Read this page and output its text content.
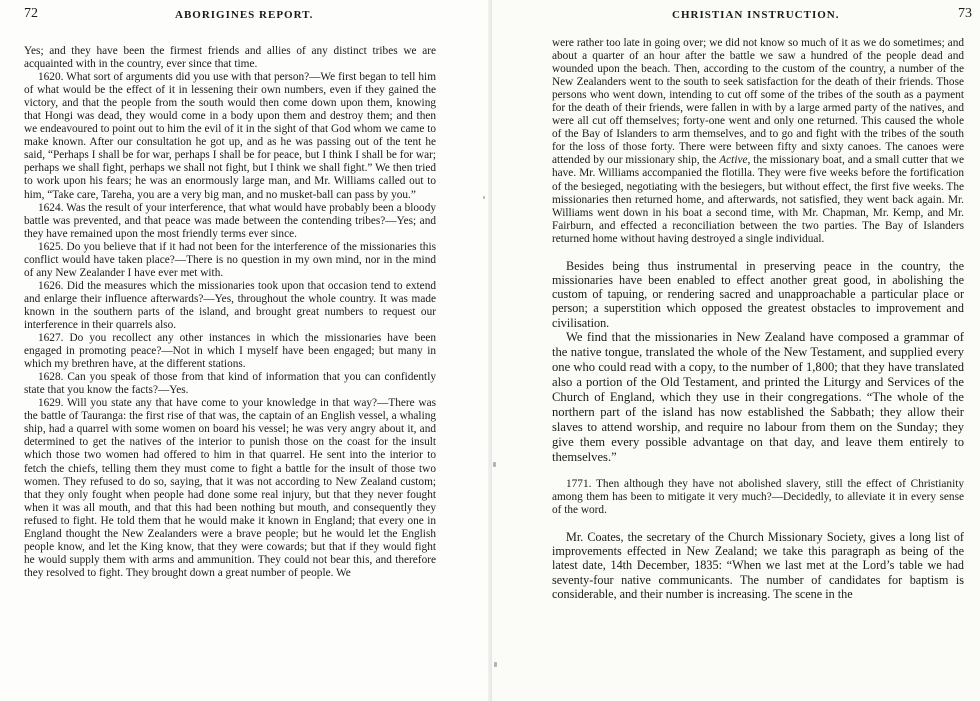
72	ABORIGINES REPORT.

Yes; and they have been the firmest friends and allies of any distinct tribes we are acquainted with in the country, ever since that time.

1620. What sort of arguments did you use with that person?—We first began to tell him of what would be the effect of it in lessening their own numbers, even if they gained the victory, and that the people from the south would then come down upon them, knowing that Hongi was dead, they would come in a body upon them and destroy them; and then we endeavoured to point out to him the evil of it in the sight of that God whom we came to make known. After our consultation he got up, and as he was passing out of the tent he said, “Perhaps I shall be for war, perhaps I shall be for peace, but I think I shall be for war; perhaps we shall fight, perhaps we shall not fight, but I think we shall fight.” We then tried to work upon his fears; he was an enormously large man, and Mr. Williams called out to him, “Take care, Tareha, you are a very big man, and no musket-ball can pass by you.”

1624. Was the result of your interference, that what would have probably been a bloody battle was prevented, and that peace was made between the contending tribes?—Yes; and they have remained upon the most friendly terms ever since.

1625. Do you believe that if it had not been for the interference of the missionaries this conflict would have taken place?—There is no question in my own mind, nor in the mind of any New Zealander I have ever met with.

1626. Did the measures which the missionaries took upon that occasion tend to extend and enlarge their influence afterwards?—Yes, throughout the whole country. It was made known in the southern parts of the island, and brought great numbers to request our interference in their quarrels also.

1627. Do you recollect any other instances in which the missionaries have been engaged in promoting peace?—Not in which I myself have been engaged; but many in which my brethren have, at the different stations.

1628. Can you speak of those from that kind of information that you can confidently state that you know the facts?—Yes.

1629. Will you state any that have come to your knowledge in that way?—There was the battle of Tauranga: the first rise of that was, the captain of an English vessel, a whaling ship, had a quarrel with some women on board his vessel; he was very angry about it, and determined to get the natives of the interior to punish those on the coast for the insult which those two women had offered to him in that quarrel. He sent into the interior to fetch the chiefs, telling them they must come to fight a battle for the insult of those two women. They refused to do so, saying, that it was not according to New Zealand custom; that they only fought when people had done some real injury, but that they never fought when it was all mouth, and that this had been nothing but mouth, and consequently they refused to fight. He told them that he would make it known in England; that every one in England thought the New Zealanders were a brave people; but he would let the English people know, and let the King know, that they were cowards; but that if they would fight he would supply them with arms and ammunition. They could not bear this, and therefore they resolved to fight. They brought down a great number of people. We

CHRISTIAN INSTRUCTION.	73

were rather too late in going over; we did not know so much of it as we do sometimes; and about a quarter of an hour after the battle we saw a hundred of the people dead and wounded upon the beach. Then, according to the custom of the country, a number of the New Zealanders went to the south to seek satisfaction for the death of their friends. Those persons who went down, intending to cut off some of the tribes of the south as a payment for the death of their friends, were fallen in with by a large armed party of the natives, and were all cut off themselves; forty-one went and only one returned. This caused the whole of the Bay of Islanders to arm themselves, and to go and fight with the tribes of the south for the loss of those forty. There were between fifty and sixty canoes. The canoes were attended by our missionary ship, the Active, the missionary boat, and a small cutter that we have. Mr. Williams accompanied the flotilla. They were five weeks before the fortification of the besieged, negotiating with the besiegers, but without effect, the first five weeks. The missionaries then returned home, and afterwards, not satisfied, they went back again. Mr. Williams went down in his boat a second time, with Mr. Chapman, Mr. Kemp, and Mr. Fairburn, and effected a reconciliation between the two parties. The Bay of Islanders returned home without having destroyed a single individual.

Besides being thus instrumental in preserving peace in the country, the missionaries have been enabled to effect another great good, in abolishing the custom of tapuing, or rendering sacred and unapproachable a particular place or person; a superstition which opposed the greatest obstacles to improvement and civilisation.

We find that the missionaries in New Zealand have composed a grammar of the native tongue, translated the whole of the New Testament, and supplied every one who could read with a copy, to the number of 1,800; that they have translated also a portion of the Old Testament, and printed the Liturgy and Services of the Church of England, which they use in their congregations. “The whole of the northern part of the island has now established the Sabbath; they allow their slaves to attend worship, and require no labour from them on the Sunday; they give them every possible advantage on that day, and leave them entirely to themselves.”

1771. Then although they have not abolished slavery, still the effect of Christianity among them has been to mitigate it very much?—Decidedly, to alleviate it in every sense of the word.

Mr. Coates, the secretary of the Church Missionary Society, gives a long list of improvements effected in New Zealand; we take this paragraph as being of the latest date, 14th December, 1835: “When we last met at the Lord’s table we had seventy-four native communicants. The number of candidates for baptism is considerable, and their number is increasing. The scene in the
